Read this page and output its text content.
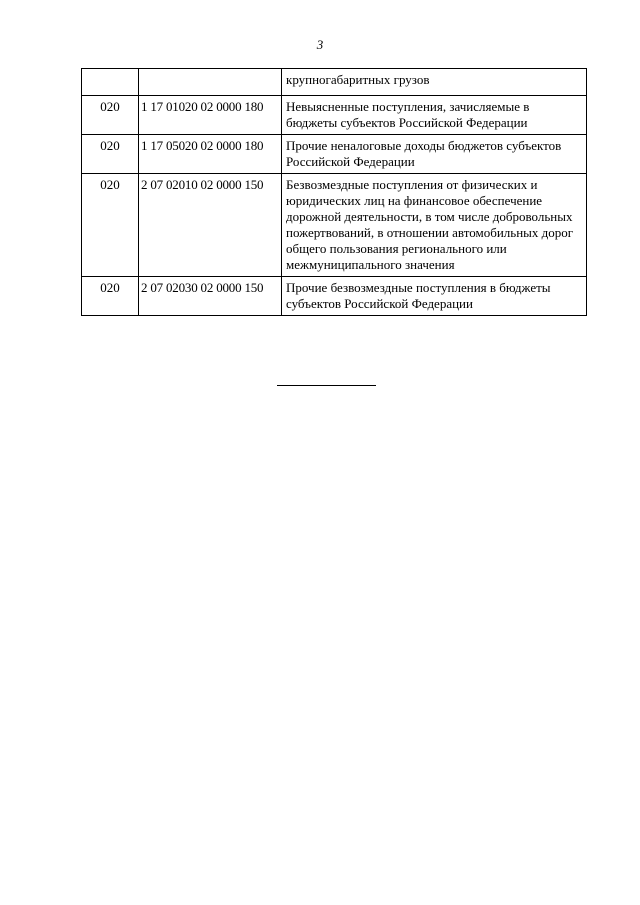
3
		крупногабаритных грузов
020	1 17 01020 02 0000 180	Невыясненные поступления, зачисляемые в бюджеты субъектов Российской Федерации
020	1 17 05020 02 0000 180	Прочие неналоговые доходы бюджетов субъектов Российской Федерации
020	2 07 02010 02 0000 150	Безвозмездные поступления от физических и юридических лиц на финансовое обеспечение дорожной деятельности, в том числе добровольных пожертвований, в отношении автомобильных дорог общего пользования регионального или межмуниципального значения
020	2 07 02030 02 0000 150	Прочие безвозмездные поступления в бюджеты субъектов Российской Федерации
